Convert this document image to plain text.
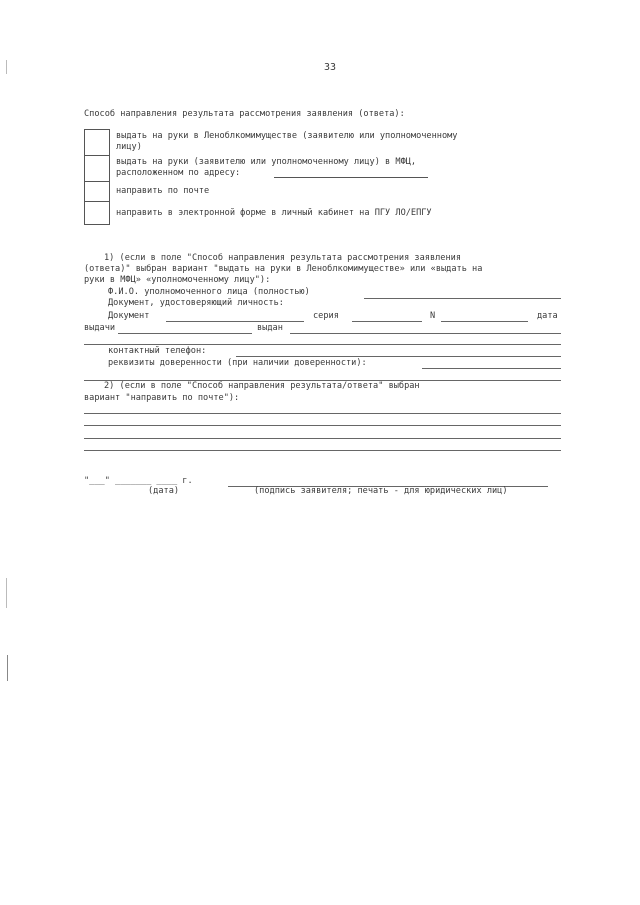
33
Способ направления результата рассмотрения заявления (ответа):
выдать на руки в Леноблкомимуществе (заявителю или уполномоченному
лицу)
выдать на руки (заявителю или уполномоченному лицу) в МФЦ,
расположенном по адресу:
направить по почте
направить в электронной форме в личный кабинет на ПГУ ЛО/ЕПГУ
1) (если в поле "Способ направления результата рассмотрения заявления
(ответа)" выбран вариант "выдать на руки в Леноблкомимуществе» или «выдать на
руки в МФЦ» «уполномоченному лицу"):
Ф.И.О. уполномоченного лица (полностью)
Документ, удостоверяющий личность:
Документ	серия	N	дата
выдачи	выдан
контактный телефон:
реквизиты доверенности (при наличии доверенности):
2) (если в поле "Способ направления результата/ответа" выбран
вариант "направить по почте"):
"___" _______ ____ г.
(дата)	(подпись заявителя; печать - для юридических лиц)
